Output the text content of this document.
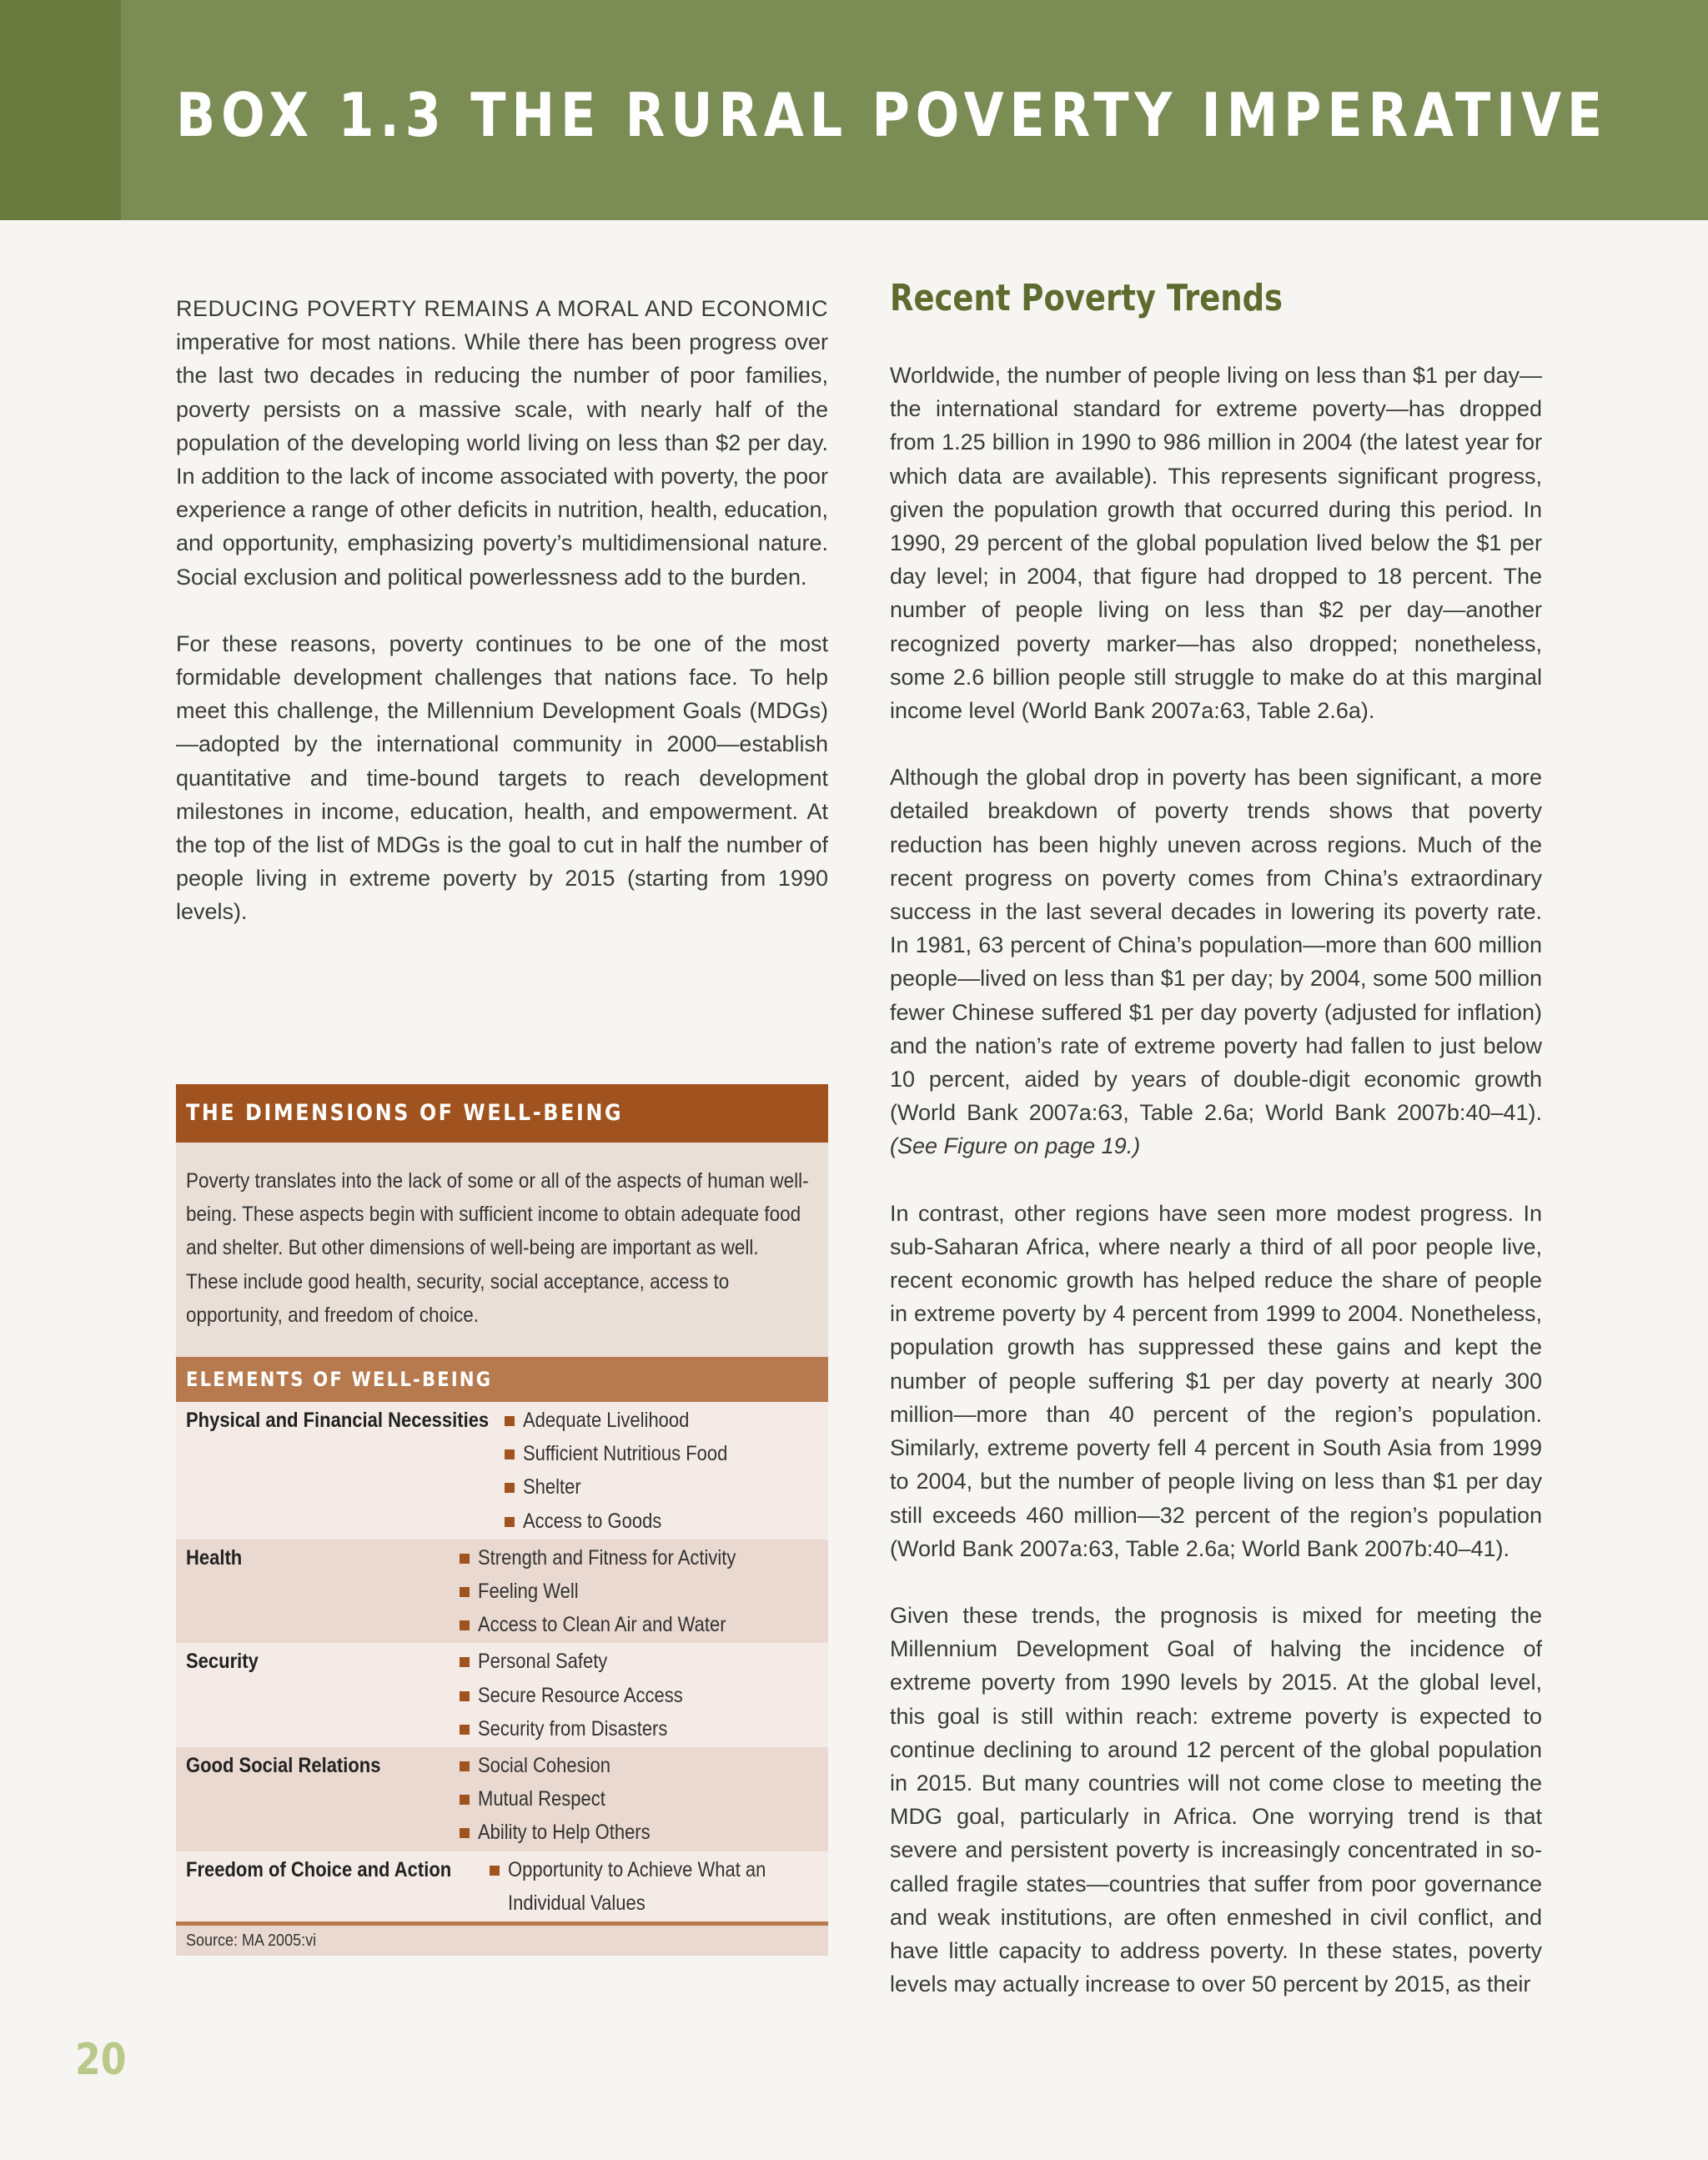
BOX 1.3 THE RURAL POVERTY IMPERATIVE

REDUCING POVERTY REMAINS A MORAL AND ECONOMIC imperative for most nations. While there has been progress over the last two decades in reducing the number of poor families, poverty persists on a massive scale, with nearly half of the population of the developing world living on less than $2 per day. In addition to the lack of income associated with poverty, the poor experience a range of other deficits in nutrition, health, education, and opportunity, emphasizing poverty’s multidimensional nature. Social exclusion and political powerlessness add to the burden.

For these reasons, poverty continues to be one of the most formidable development challenges that nations face. To help meet this challenge, the Millennium Development Goals (MDGs)—adopted by the international community in 2000—establish quantitative and time-bound targets to reach development milestones in income, education, health, and empowerment. At the top of the list of MDGs is the goal to cut in half the number of people living in extreme poverty by 2015 (starting from 1990 levels).

THE DIMENSIONS OF WELL-BEING
Poverty translates into the lack of some or all of the aspects of human well-being. These aspects begin with sufficient income to obtain adequate food and shelter. But other dimensions of well-being are important as well. These include good health, security, social acceptance, access to opportunity, and freedom of choice.
ELEMENTS OF WELL-BEING
Physical and Financial Necessities	Adequate Livelihood
Sufficient Nutritious Food
Shelter
Access to Goods
Health	Strength and Fitness for Activity
Feeling Well
Access to Clean Air and Water
Security	Personal Safety
Secure Resource Access
Security from Disasters
Good Social Relations	Social Cohesion
Mutual Respect
Ability to Help Others
Freedom of Choice and Action	Opportunity to Achieve What an Individual Values
Source: MA 2005:vi
Recent Poverty Trends

Worldwide, the number of people living on less than $1 per day—the international standard for extreme poverty—has dropped from 1.25 billion in 1990 to 986 million in 2004 (the latest year for which data are available). This represents significant progress, given the population growth that occurred during this period. In 1990, 29 percent of the global population lived below the $1 per day level; in 2004, that figure had dropped to 18 percent. The number of people living on less than $2 per day—another recognized poverty marker—has also dropped; nonetheless, some 2.6 billion people still struggle to make do at this marginal income level (World Bank 2007a:63, Table 2.6a).

Although the global drop in poverty has been significant, a more detailed breakdown of poverty trends shows that poverty reduction has been highly uneven across regions. Much of the recent progress on poverty comes from China’s extraordinary success in the last several decades in lowering its poverty rate. In 1981, 63 percent of China’s population—more than 600 million people—lived on less than $1 per day; by 2004, some 500 million fewer Chinese suffered $1 per day poverty (adjusted for inflation) and the nation’s rate of extreme poverty had fallen to just below 10 percent, aided by years of double-digit economic growth (World Bank 2007a:63, Table 2.6a; World Bank 2007b:40–41). (See Figure on page 19.)

In contrast, other regions have seen more modest progress. In sub-Saharan Africa, where nearly a third of all poor people live, recent economic growth has helped reduce the share of people in extreme poverty by 4 percent from 1999 to 2004. Nonetheless, population growth has suppressed these gains and kept the number of people suffering $1 per day poverty at nearly 300 million—more than 40 percent of the region’s population. Similarly, extreme poverty fell 4 percent in South Asia from 1999 to 2004, but the number of people living on less than $1 per day still exceeds 460 million—32 percent of the region’s population (World Bank 2007a:63, Table 2.6a; World Bank 2007b:40–41).

Given these trends, the prognosis is mixed for meeting the Millennium Development Goal of halving the incidence of extreme poverty from 1990 levels by 2015. At the global level, this goal is still within reach: extreme poverty is expected to continue declining to around 12 percent of the global population in 2015. But many countries will not come close to meeting the MDG goal, particularly in Africa. One worrying trend is that severe and persistent poverty is increasingly concentrated in so-called fragile states—countries that suffer from poor governance and weak institutions, are often enmeshed in civil conflict, and have little capacity to address poverty. In these states, poverty levels may actually increase to over 50 percent by 2015, as their

20
